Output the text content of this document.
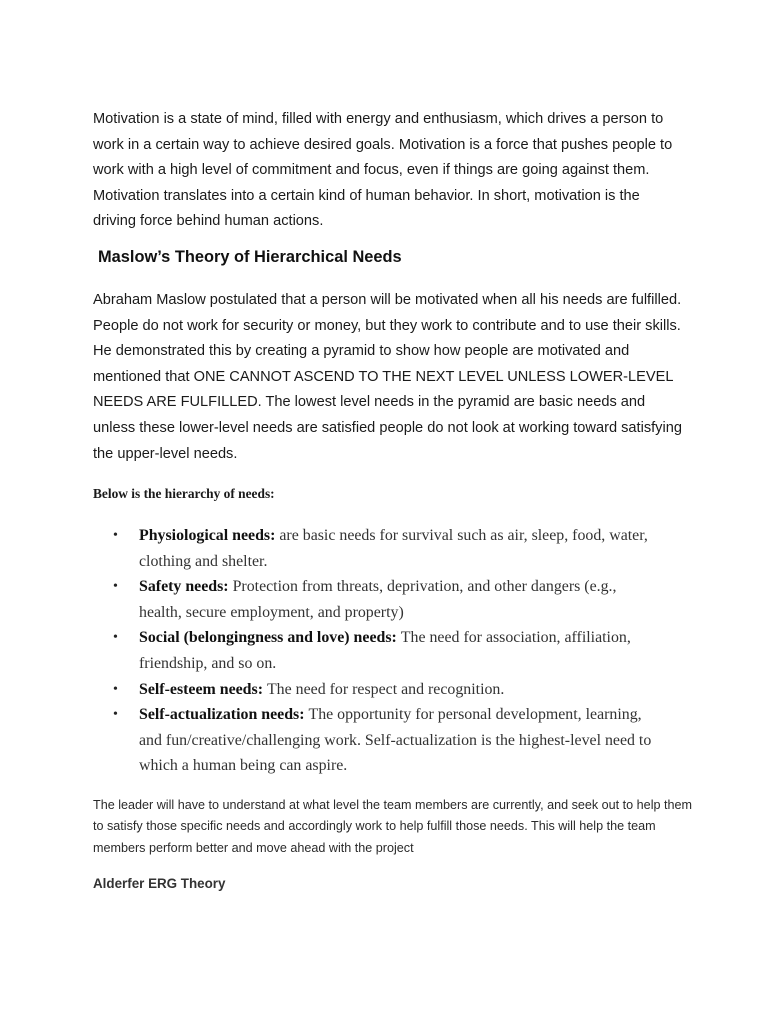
Motivation is a state of mind, filled with energy and enthusiasm, which drives a person to work in a certain way to achieve desired goals. Motivation is a force that pushes people to work with a high level of commitment and focus, even if things are going against them. Motivation translates into a certain kind of human behavior. In short, motivation is the driving force behind human actions.

Maslow’s Theory of Hierarchical Needs

Abraham Maslow postulated that a person will be motivated when all his needs are fulfilled. People do not work for security or money, but they work to contribute and to use their skills. He demonstrated this by creating a pyramid to show how people are motivated and mentioned that ONE CANNOT ASCEND TO THE NEXT LEVEL UNLESS LOWER-LEVEL NEEDS ARE FULFILLED. The lowest level needs in the pyramid are basic needs and unless these lower-level needs are satisfied people do not look at working toward satisfying the upper-level needs.

Below is the hierarchy of needs:

• Physiological needs: are basic needs for survival such as air, sleep, food, water, clothing and shelter.
• Safety needs: Protection from threats, deprivation, and other dangers (e.g., health, secure employment, and property)
• Social (belongingness and love) needs: The need for association, affiliation, friendship, and so on.
• Self-esteem needs: The need for respect and recognition.
• Self-actualization needs: The opportunity for personal development, learning, and fun/creative/challenging work. Self-actualization is the highest-level need to which a human being can aspire.

The leader will have to understand at what level the team members are currently, and seek out to help them to satisfy those specific needs and accordingly work to help fulfill those needs. This will help the team members perform better and move ahead with the project

Alderfer ERG Theory
